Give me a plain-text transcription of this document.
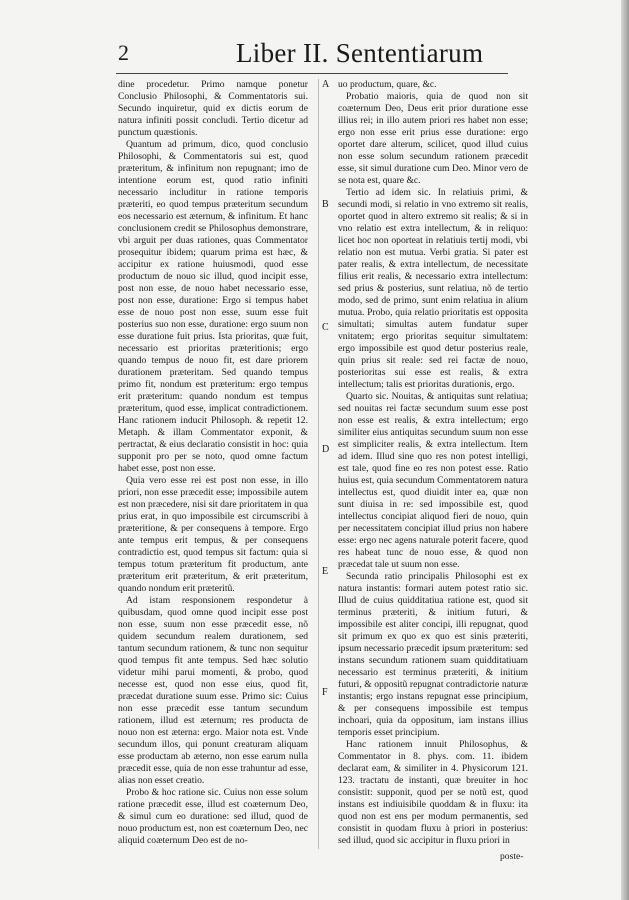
2	Liber II. Sententiarum

dine procedetur. Primo namque ponetur Conclusio Philosophi, & Commentatoris sui. Secundo inquiretur, quid ex dictis eorum de natura infiniti possit concludi. Tertio dicetur ad punctum quæstionis.

Quantum ad primum, dico, quod conclusio Philosophi, & Commentatoris sui est, quod præteritum, & infinitum non repugnant; imo de intentione eorum est, quod ratio infiniti necessario includitur in ratione temporis præteriti, eo quod tempus præteritum secundum eos necessario est æternum, & infinitum. Et hanc conclusionem credit se Philosophus demonstrare, vbi arguit per duas rationes, quas Commentator prosequitur ibidem; quarum prima est hæc, & accipitur ex ratione huiusmodi, quod esse productum de nouo sic illud, quod incipit esse, post non esse, de nouo habet necessario esse, post non esse, duratione: Ergo si tempus habet esse de nouo post non esse, suum esse fuit posterius suo non esse, duratione: ergo suum non esse duratione fuit prius. Ista prioritas, quæ fuit, necessario est prioritas præteritionis; ergo quando tempus de nouo fit, est dare priorem durationem præteritam. Sed quando tempus primo fit, nondum est præteritum: ergo tempus erit præteritum: quando nondum est tempus præteritum, quod esse, implicat contradictionem. Hanc rationem inducit Philosoph. & repetit 12. Metaph. & illam Commentator exponit, & pertractat, & eius declaratio consistit in hoc: quia supponit pro per se noto, quod omne factum habet esse, post non esse.

Quia vero esse rei est post non esse, in illo priori, non esse præcedit esse; impossibile autem est non præcedere, nisi sit dare prioritatem in qua prius erat, in quo impossibile est circumscribi à præteritione, & per consequens à tempore. Ergo ante tempus erit tempus, & per consequens contradictio est, quod tempus sit factum: quia si tempus totum præteritum fit productum, ante præteritum erit præteritum, & erit præteritum, quando nondum erit præteritũ.

Ad istam responsionem respondetur à quibusdam, quod omne quod incipit esse post non esse, suum non esse præcedit esse, nõ quidem secundum realem durationem, sed tantum secundum rationem, & tunc non sequitur quod tempus fit ante tempus. Sed hæc solutio videtur mihi parui momenti, & probo, quod necesse est, quod non esse eius, quod fit, præcedat duratione suum esse. Primo sic: Cuius non esse præcedit esse tantum secundum rationem, illud est æternum; res producta de nouo non est æterna: ergo. Maior nota est. Vnde secundum illos, qui ponunt creaturam aliquam esse productam ab æterno, non esse earum nulla præcedit esse, quia de non esse trahuntur ad esse, alias non esset creatio.

Probo & hoc ratione sic. Cuius non esse solum ratione præcedit esse, illud est coæternum Deo, & simul cum eo duratione: sed illud, quod de nouo productum est, non est coæternum Deo, nec aliquid coæternum Deo est de no-

A
B
C
D
E
F

uo productum, quare, &c.

Probatio maioris, quia de quod non sit coæternum Deo, Deus erit prior duratione esse illius rei; in illo autem priori res habet non esse; ergo non esse erit prius esse duratione: ergo oportet dare alterum, scilicet, quod illud cuius non esse solum secundum rationem præcedit esse, sit simul duratione cum Deo. Minor vero de se nota est, quare &c.

Tertio ad idem sic. In relatiuis primi, & secundi modi, si relatio in vno extremo sit realis, oportet quod in altero extremo sit realis; & si in vno relatio est extra intellectum, & in reliquo: licet hoc non oporteat in relatiuis tertij modi, vbi relatio non est mutua. Verbi gratia. Si pater est pater realis, & extra intellectum, de necessitate filius erit realis, & necessario extra intellectum: sed prius & posterius, sunt relatiua, nõ de tertio modo, sed de primo, sunt enim relatiua in alium mutua. Probo, quia relatio prioritatis est opposita simultati; simultas autem fundatur super vnitatem; ergo prioritas sequitur simultatem: ergo impossibile est quod detur posterius reale, quin prius sit reale: sed rei factæ de nouo, posterioritas sui esse est realis, & extra intellectum; talis est prioritas durationis, ergo.

Quarto sic. Nouitas, & antiquitas sunt relatiua; sed nouitas rei factæ secundum suum esse post non esse est realis, & extra intellectum; ergo similiter eius antiquitas secundum suum non esse est simpliciter realis, & extra intellectum. Item ad idem. Illud sine quo res non potest intelligi, est tale, quod fine eo res non potest esse. Ratio huius est, quia secundum Commentatorem natura intellectus est, quod diuidit inter ea, quæ non sunt diuisa in re: sed impossibile est, quod intellectus concipiat aliquod fieri de nouo, quin per necessitatem concipiat illud prius non habere esse: ergo nec agens naturale poterit facere, quod res habeat tunc de nouo esse, & quod non præcedat tale ut suum non esse.

Secunda ratio principalis Philosophi est ex natura instantis: formari autem potest ratio sic. Illud de cuius quidditatiua ratione est, quod sit terminus præteriti, & initium futuri, & impossibile est aliter concipi, illi repugnat, quod sit primum ex quo ex quo est sinis præteriti, ipsum necessario præcedit ipsum præteritum: sed instans secundum rationem suam quidditatiuam necessario est terminus præteriti, & initium futuri, & oppositũ repugnat contradictorie naturæ instantis; ergo instans repugnat esse principium, & per consequens impossibile est tempus inchoari, quia da oppositum, iam instans illius temporis esset principium.

Hanc rationem innuit Philosophus, & Commentator in 8. phys. com. 11. ibidem declarat eam, & similiter in 4. Physicorum 121. 123. tractatu de instanti, quæ breuiter in hoc consistit: supponit, quod per se notũ est, quod instans est indiuisibile quoddam & in fluxu: ita quod non est ens per modum permanentis, sed consistit in quodam fluxu à priori in posterius: sed illud, quod sic accipitur in fluxu priori in

poste-
